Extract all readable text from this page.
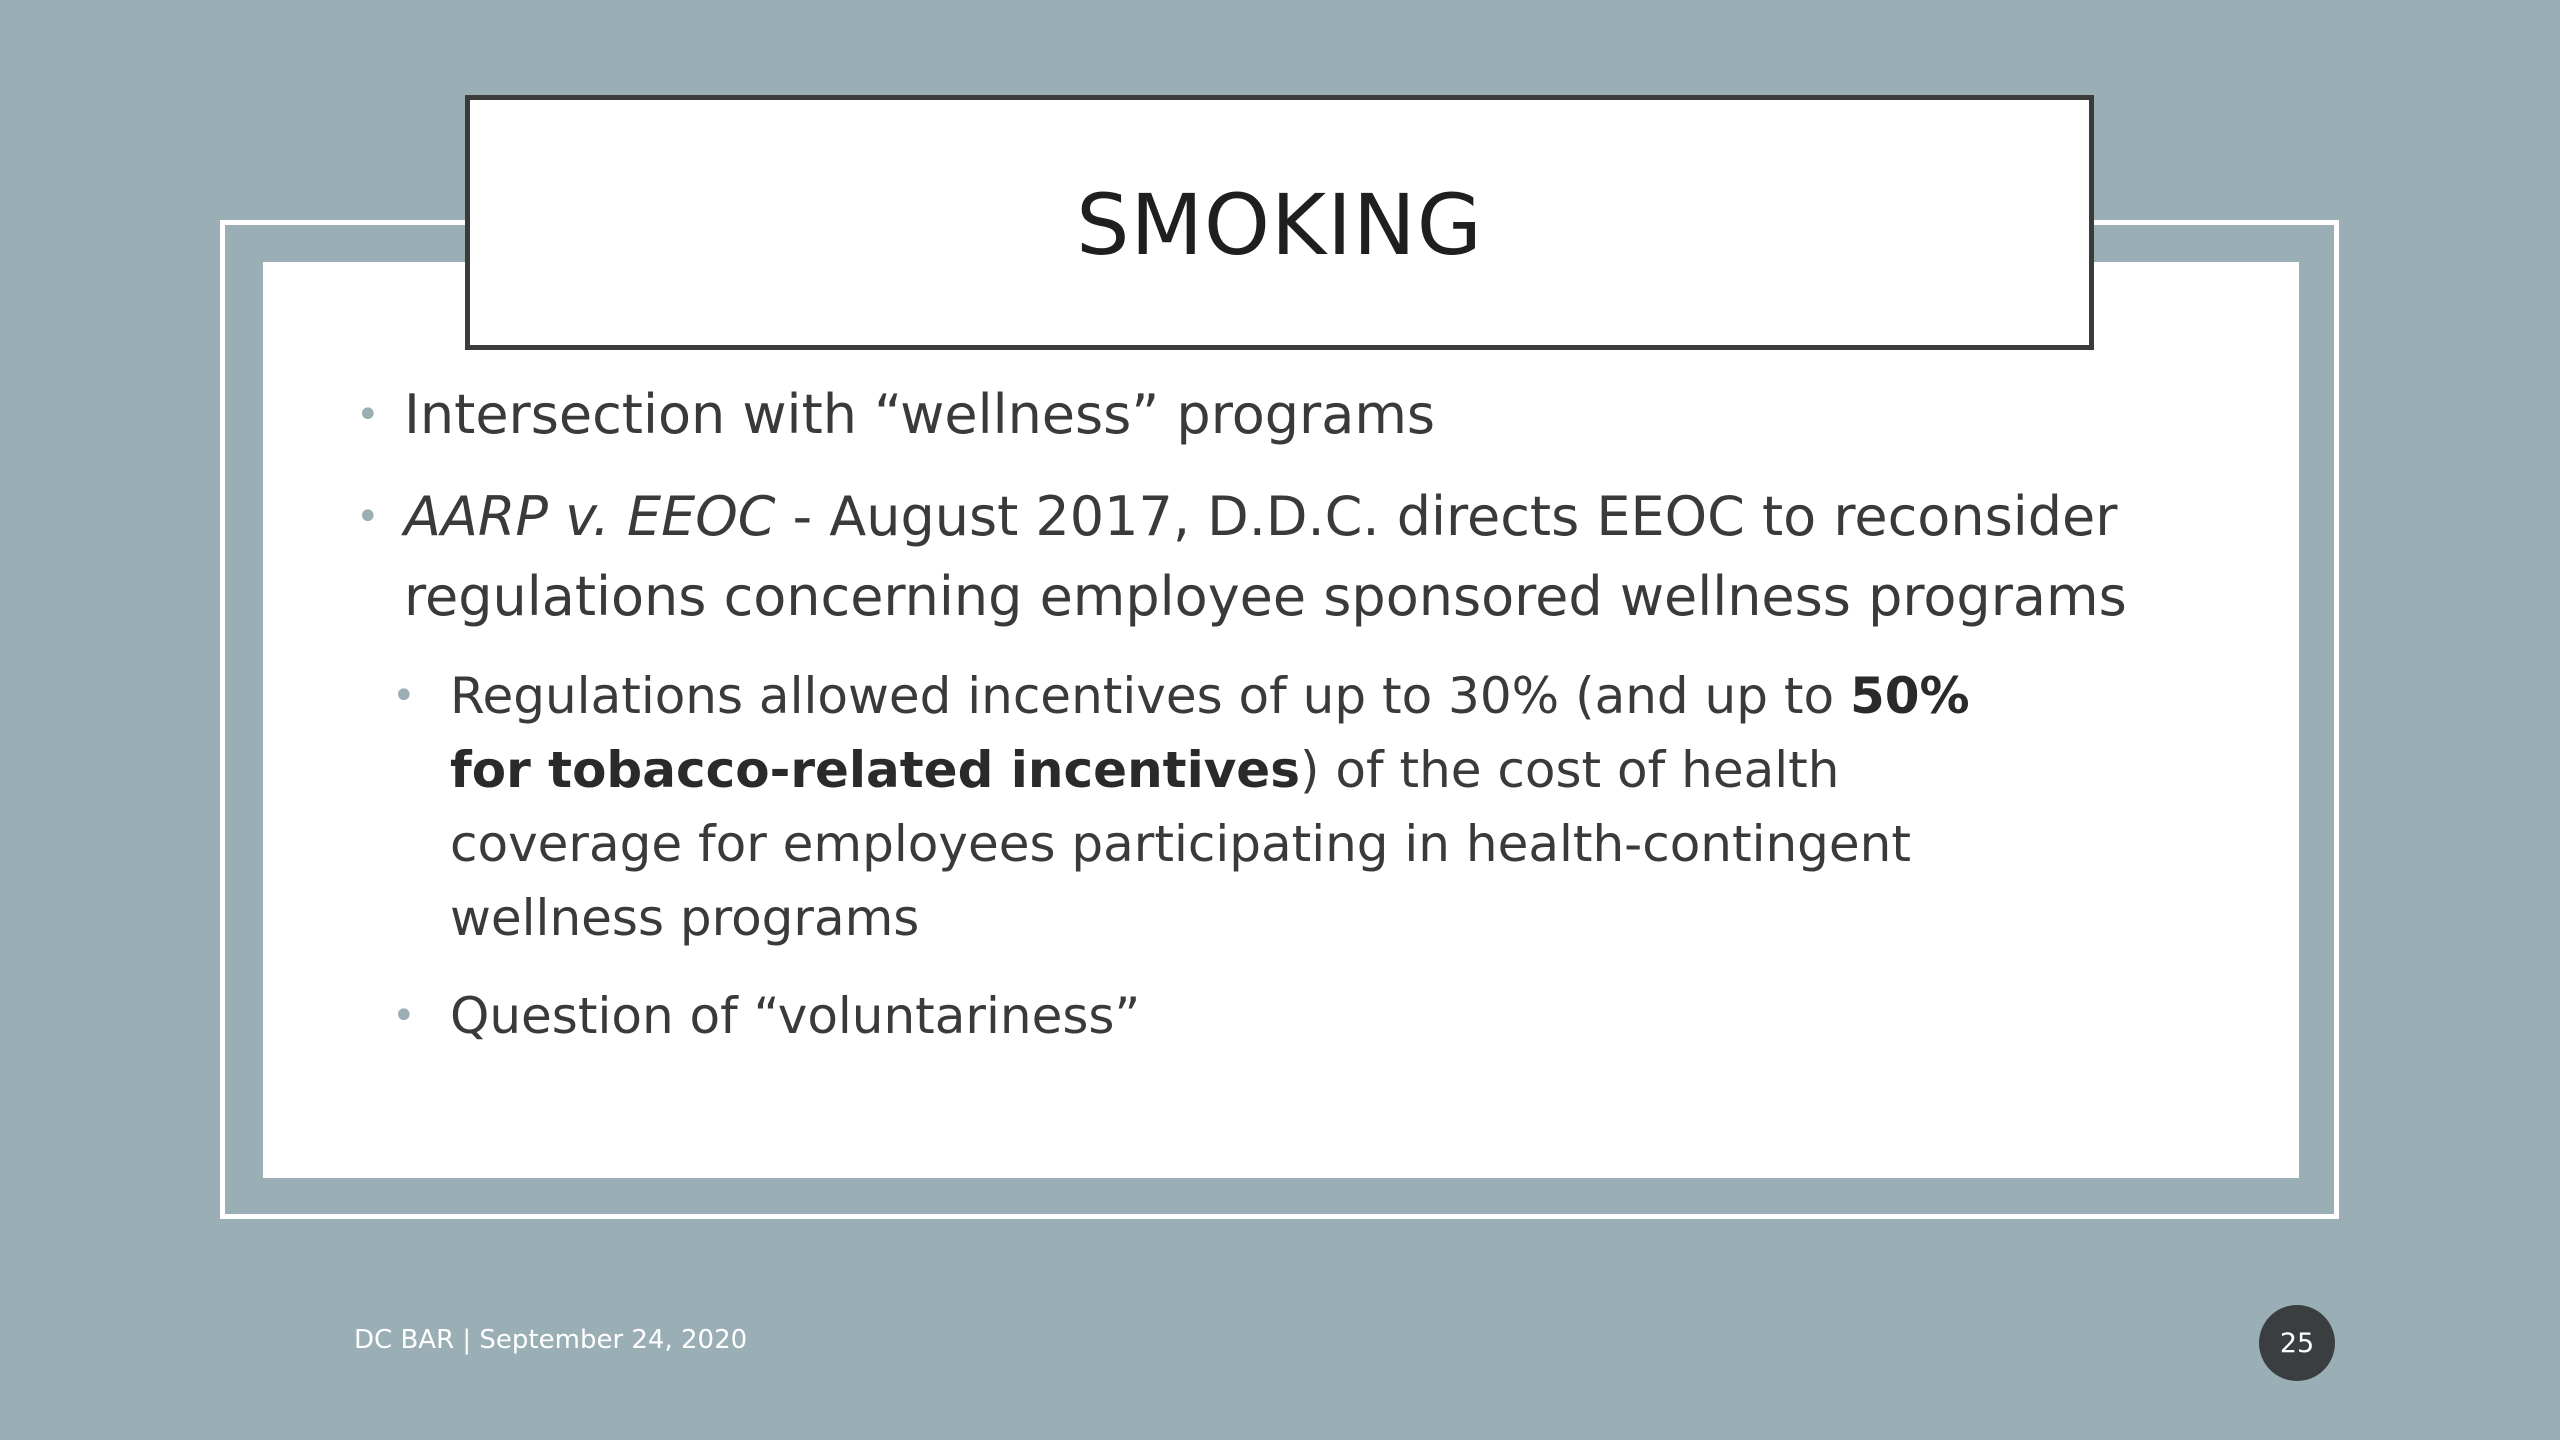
SMOKING
• Intersection with “wellness” programs
• AARP v. EEOC - August 2017, D.D.C. directs EEOC to reconsider regulations concerning employee sponsored wellness programs
• Regulations allowed incentives of up to 30% (and up to 50% for tobacco-related incentives) of the cost of health coverage for employees participating in health-contingent wellness programs
• Question of “voluntariness”
DC BAR | September 24, 2020	25
